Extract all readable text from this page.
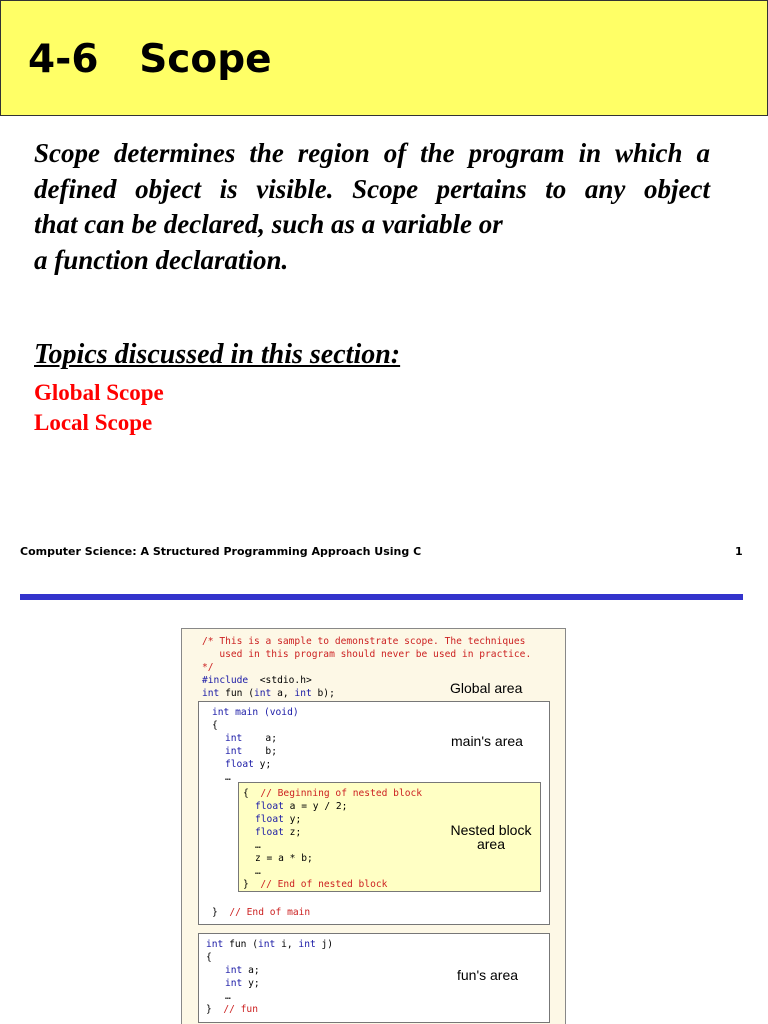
4-6   Scope
Scope determines the region of the program in which a
defined object is visible. Scope pertains to any object
that can be declared, such as a variable or
a function declaration.
Topics discussed in this section:
Global Scope
Local Scope
Computer Science: A Structured Programming Approach Using C	1
/* This is a sample to demonstrate scope. The techniques
used in this program should never be used in practice.
*/
#include  <stdio.h>
int fun (int a, int b);	Global area
int main (void)
{
int    a;
int    b;
float y;
…
main's area
{  // Beginning of nested block
float a = y / 2;
float y;
float z;
…
z = a * b;
…
}  // End of nested block
Nested block
area
}  // End of main
int fun (int i, int j)
{
int a;
int y;
…
}  // fun
fun's area
